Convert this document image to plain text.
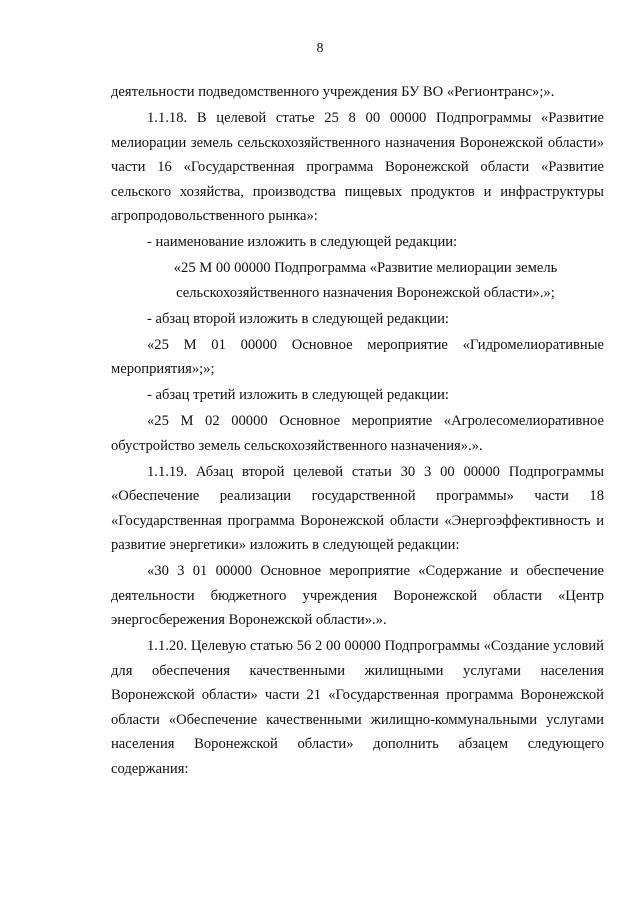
8

деятельности подведомственного учреждения БУ ВО «Регионтранс»;».

1.1.18. В целевой статье 25 8 00 00000 Подпрограммы «Развитие мелиорации земель сельскохозяйственного назначения Воронежской области» части 16 «Государственная программа Воронежской области «Развитие сельского хозяйства, производства пищевых продуктов и инфраструктуры агропродовольственного рынка»:

- наименование изложить в следующей редакции:

«25 М 00 00000 Подпрограмма «Развитие мелиорации земель сельскохозяйственного назначения Воронежской области».»;

- абзац второй изложить в следующей редакции:

«25 М 01 00000 Основное мероприятие «Гидромелиоративные мероприятия»;»;

- абзац третий изложить в следующей редакции:

«25 М 02 00000 Основное мероприятие «Агролесомелиоративное обустройство земель сельскохозяйственного назначения».».

1.1.19. Абзац второй целевой статьи 30 3 00 00000 Подпрограммы «Обеспечение реализации государственной программы» части 18 «Государственная программа Воронежской области «Энергоэффективность и развитие энергетики» изложить в следующей редакции:

«30 3 01 00000 Основное мероприятие «Содержание и обеспечение деятельности бюджетного учреждения Воронежской области «Центр энергосбережения Воронежской области».».

1.1.20. Целевую статью 56 2 00 00000 Подпрограммы «Создание условий для обеспечения качественными жилищными услугами населения Воронежской области» части 21 «Государственная программа Воронежской области «Обеспечение качественными жилищно-коммунальными услугами населения Воронежской области» дополнить абзацем следующего содержания:
